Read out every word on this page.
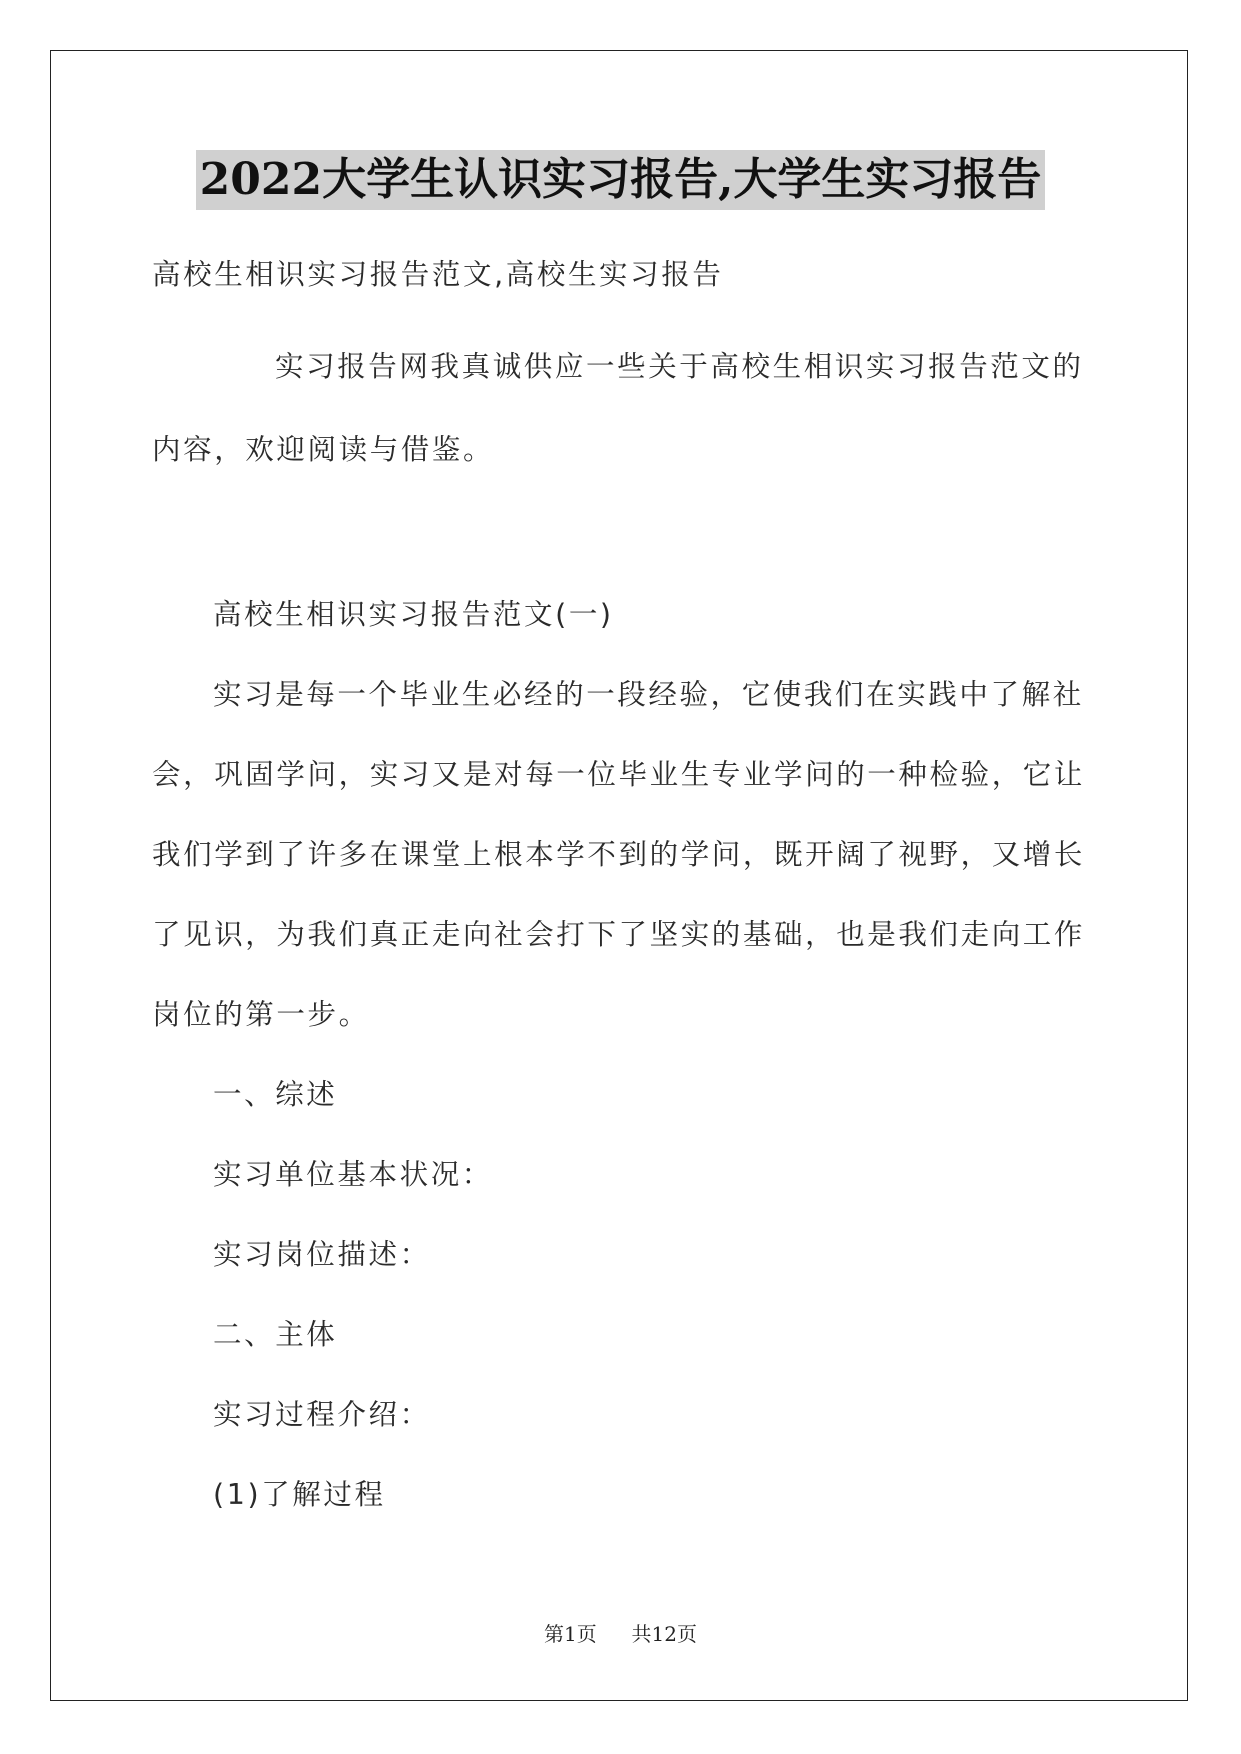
2022大学生认识实习报告,大学生实习报告
高校生相识实习报告范文,高校生实习报告
实习报告网我真诚供应一些关于高校生相识实习报告范文的
内容，欢迎阅读与借鉴。
高校生相识实习报告范文(一)
实习是每一个毕业生必经的一段经验，它使我们在实践中了解社
会，巩固学问，实习又是对每一位毕业生专业学问的一种检验，它让
我们学到了许多在课堂上根本学不到的学问，既开阔了视野，又增长
了见识，为我们真正走向社会打下了坚实的基础，也是我们走向工作
岗位的第一步。
一、综述
实习单位基本状况：
实习岗位描述：
二、主体
实习过程介绍：
(1)了解过程
第1页 共12页
